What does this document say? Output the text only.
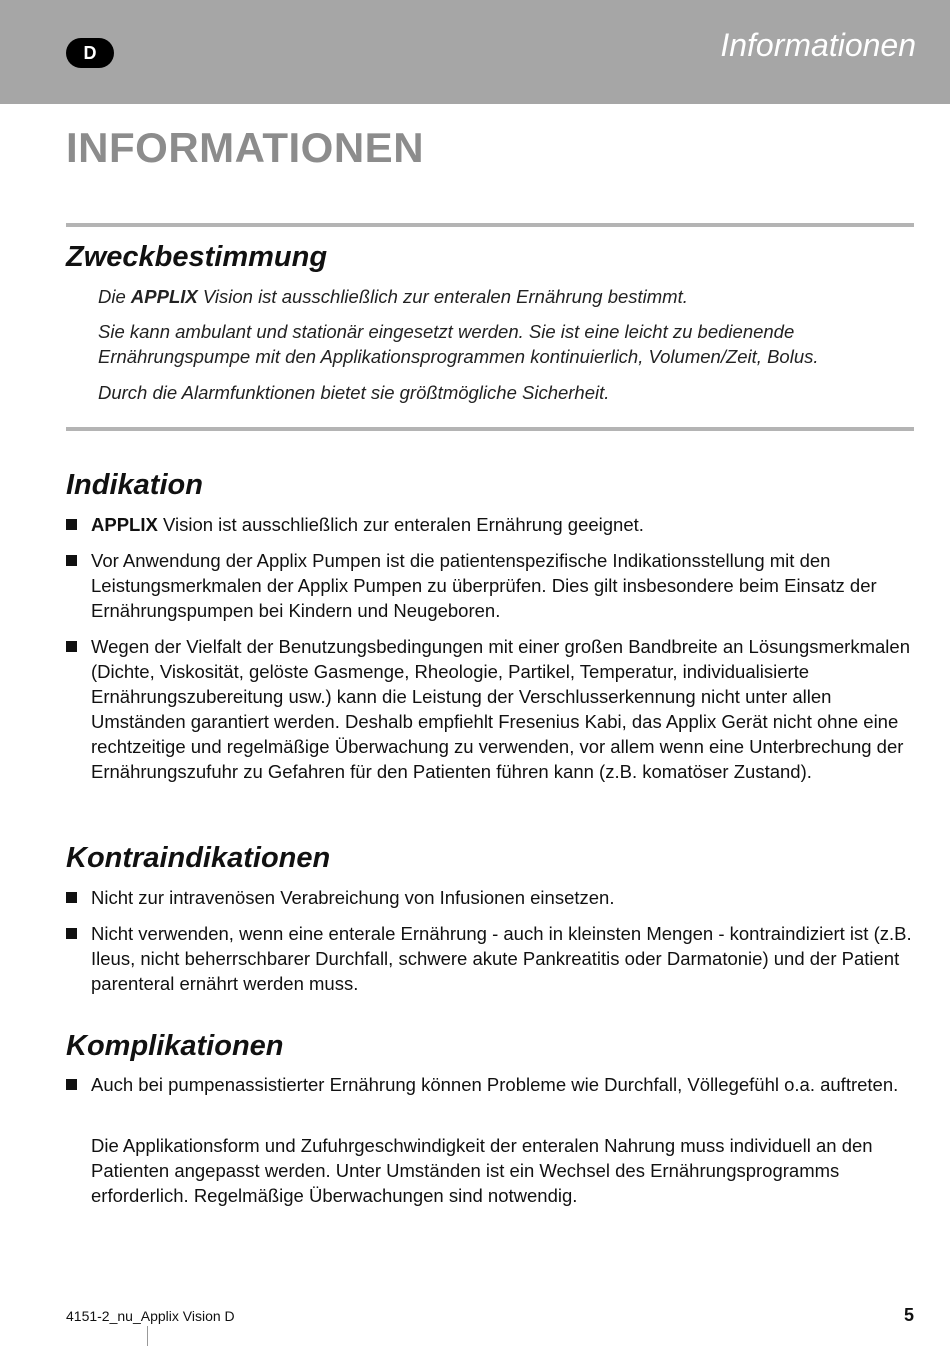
D	Informationen
INFORMATIONEN
Zweckbestimmung

Die APPLIX Vision ist ausschließlich zur enteralen Ernährung bestimmt.

Sie kann ambulant und stationär eingesetzt werden. Sie ist eine leicht zu bedienende Ernährungspumpe mit den Applikationsprogrammen kontinuierlich, Volumen/Zeit, Bolus.

Durch die Alarmfunktionen bietet sie größtmögliche Sicherheit.

Indikation
APPLIX Vision ist ausschließlich zur enteralen Ernährung geeignet.
Vor Anwendung der Applix Pumpen ist die patientenspezifische Indikationsstellung mit den Leistungsmerkmalen der Applix Pumpen zu überprüfen. Dies gilt insbesondere beim Einsatz der Ernährungspumpen bei Kindern und Neugeboren.
Wegen der Vielfalt der Benutzungsbedingungen mit einer großen Bandbreite an Lösungsmerkmalen (Dichte, Viskosität, gelöste Gasmenge, Rheologie, Partikel, Temperatur, individualisierte Ernährungszubereitung usw.) kann die Leistung der Verschlusserkennung nicht unter allen Umständen garantiert werden. Deshalb empfiehlt Fresenius Kabi, das Applix Gerät nicht ohne eine rechtzeitige und regelmäßige Überwachung zu verwenden, vor allem wenn eine Unterbrechung der Ernährungszufuhr zu Gefahren für den Patienten führen kann (z.B. komatöser Zustand).
Kontraindikationen
Nicht zur intravenösen Verabreichung von Infusionen einsetzen.
Nicht verwenden, wenn eine enterale Ernährung - auch in kleinsten Mengen - kontraindiziert ist (z.B. Ileus, nicht beherrschbarer Durchfall, schwere akute Pankreatitis oder Darmatonie) und der Patient parenteral ernährt werden muss.
Komplikationen
Auch bei pumpenassistierter Ernährung können Probleme wie Durchfall, Völlegefühl o.a. auftreten.

Die Applikationsform und Zufuhrgeschwindigkeit der enteralen Nahrung muss individuell an den Patienten angepasst werden. Unter Umständen ist ein Wechsel des Ernährungsprogramms erforderlich. Regelmäßige Überwachungen sind notwendig.

4151-2_nu_Applix Vision D	5
